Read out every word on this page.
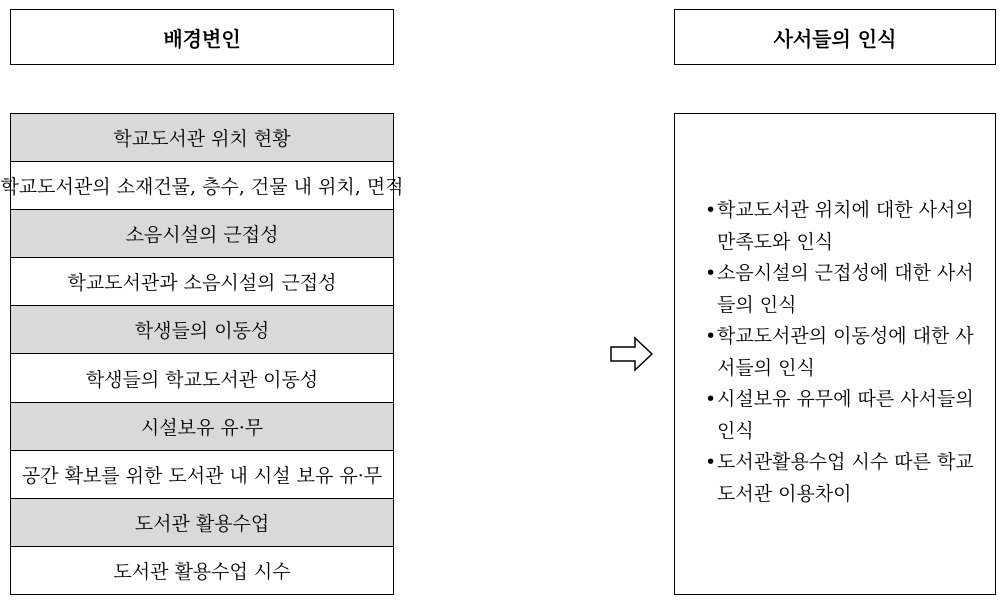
배경변인	사서들의 인식
학교도서관 위치 현황
학교도서관의 소재건물, 층수, 건물 내 위치, 면적
소음시설의 근접성
학교도서관과 소음시설의 근접성
학생들의 이동성
학생들의 학교도서관 이동성
시설보유 유·무
공간 확보를 위한 도서관 내 시설 보유 유·무
도서관 활용수업
도서관 활용수업 시수
• 학교도서관 위치에 대한 사서의 만족도와 인식
• 소음시설의 근접성에 대한 사서들의 인식
• 학교도서관의 이동성에 대한 사서들의 인식
• 시설보유 유무에 따른 사서들의 인식
• 도서관활용수업 시수 따른 학교도서관 이용차이
